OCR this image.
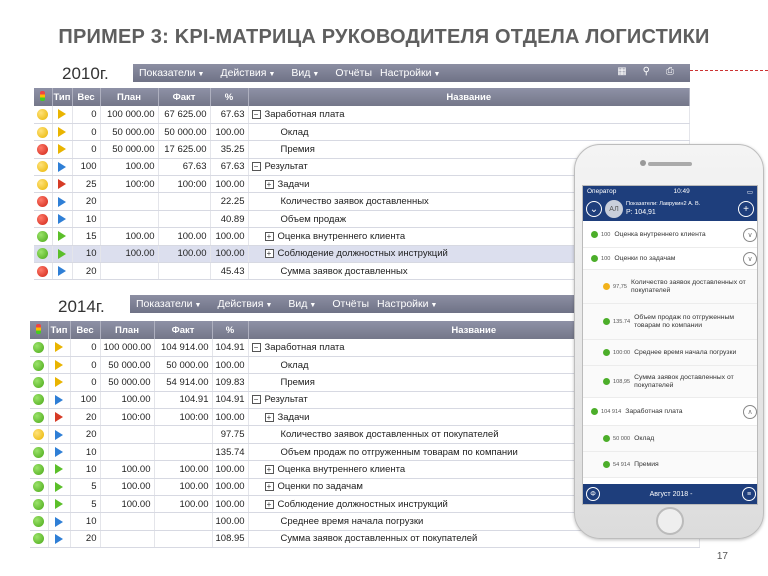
ПРИМЕР 3: KPI-МАТРИЦА РУКОВОДИТЕЛЯ ОТДЕЛА ЛОГИСТИКИ
2010г.	Показатели ▼	Действия ▼	Вид ▼	Отчёты Настройки ▼	▦ ⚲ ⎙
	Тип	Вес	План	Факт	%	Название
		0	100 000.00	67 625.00	67.63	− Заработная плата
		0	50 000.00	50 000.00	100.00	Оклад
		0	50 000.00	17 625.00	35.25	Премия
		100	100.00	67.63	67.63	− Результат
		25	100:00	100:00	100.00	+ Задачи
		20			22.25	Количество заявок доставленных
		10			40.89	Объем продаж
		15	100.00	100.00	100.00	+ Оценка внутреннего клиента
		10	100.00	100.00	100.00	+ Соблюдение должностных инструкций
		20			45.43	Сумма заявок доставленных
2014г.	Показатели ▼	Действия ▼	Вид ▼	Отчёты Настройки ▼
	Тип	Вес	План	Факт	%	Название
		0	100 000.00	104 914.00	104.91	− Заработная плата
		0	50 000.00	50 000.00	100.00	Оклад
		0	50 000.00	54 914.00	109.83	Премия
		100	100.00	104.91	104.91	− Результат
		20	100:00	100:00	100.00	+ Задачи
		20			97.75	Количество заявок доставленных от покупателей
		10			135.74	Объем продаж по отгруженным товарам по компании
		10	100.00	100.00	100.00	+ Оценка внутреннего клиента
		5	100.00	100.00	100.00	+ Оценки по задачам
		5	100.00	100.00	100.00	+ Соблюдение должностных инструкций
		10			100.00	Среднее время начала погрузки
		20			108.95	Сумма заявок доставленных от покупателей
Оператор	10:49	▭
⌄	АЛ
Показатели: Лаврукин2 А. В.
Р: 104,91	+
100 Оценка внутреннего клиента	∨
100 Оценки по задачам	∨
97,75
Количество заявок доставленных от покупателей
135.74
Объем продаж по отгруженным товарам по компании
100:00 Среднее время начала погрузки
108,95
Сумма заявок доставленных от покупателей
104 914 Заработная плата	∧
50 000 Оклад
54 914 Премия
Φ	Август 2018 -	≡
17
